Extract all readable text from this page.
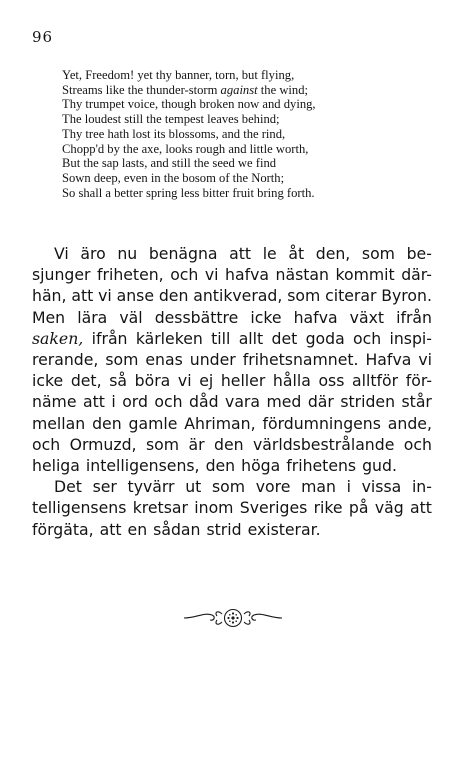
96
Yet, Freedom! yet thy banner, torn, but flying,
Streams like the thunder-storm against the wind;
Thy trumpet voice, though broken now and dying,
The loudest still the tempest leaves behind;
Thy tree hath lost its blossoms, and the rind,
Chopp'd by the axe, looks rough and little worth,
But the sap lasts, and still the seed we find
Sown deep, even in the bosom of the North;
So shall a better spring less bitter fruit bring forth.
Vi äro nu benägna att le åt den, som be-
sjunger friheten, och vi hafva nästan kommit där-
hän, att vi anse den antikverad, som citerar Byron.
Men lära väl dessbättre icke hafva växt ifrån
saken, ifrån kärleken till allt det goda och inspi-
rerande, som enas under frihetsnamnet. Hafva vi
icke det, så böra vi ej heller hålla oss alltför för-
näme att i ord och dåd vara med där striden står
mellan den gamle Ahriman, fördumningens ande,
och Ormuzd, som är den världsbestrålande och
heliga intelligensens, den höga frihetens gud.
Det ser tyvärr ut som vore man i vissa in-
telligensens kretsar inom Sveriges rike på väg att
förgäta, att en sådan strid existerar.
